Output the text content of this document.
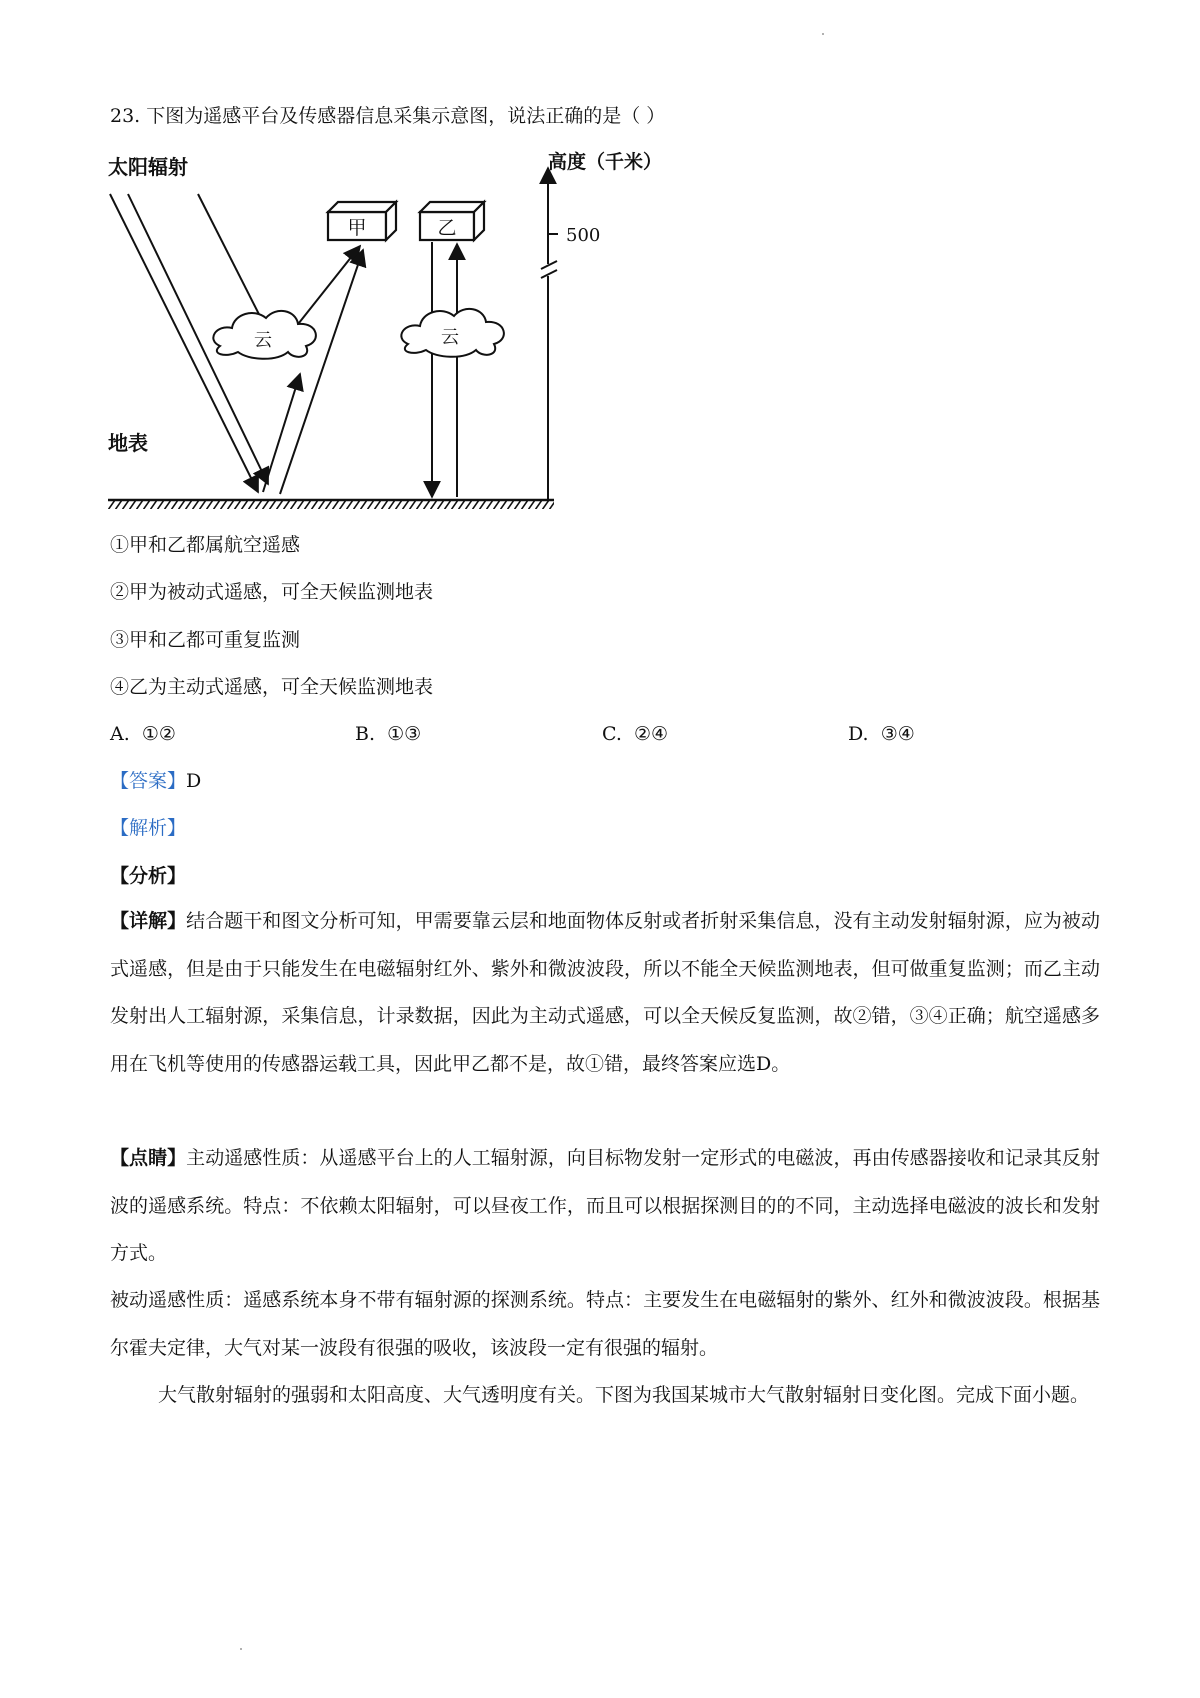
23. 下图为遥感平台及传感器信息采集示意图，说法正确的是（ ）
太阳辐射	高度（千米）
甲	乙
云	云
500
地表
①甲和乙都属航空遥感
②甲为被动式遥感，可全天候监测地表
③甲和乙都可重复监测
④乙为主动式遥感，可全天候监测地表
A. ①②	B. ①③	C. ②④	D. ③④
【答案】D
【解析】
【分析】
【详解】结合题干和图文分析可知，甲需要靠云层和地面物体反射或者折射采集信息，没有主动发射辐射源，应为被动式遥感，但是由于只能发生在电磁辐射红外、紫外和微波波段，所以不能全天候监测地表，但可做重复监测；而乙主动发射出人工辐射源，采集信息，计录数据，因此为主动式遥感，可以全天候反复监测，故②错，③④正确；航空遥感多用在飞机等使用的传感器运载工具，因此甲乙都不是，故①错，最终答案应选D。
【点睛】主动遥感性质：从遥感平台上的人工辐射源，向目标物发射一定形式的电磁波，再由传感器接收和记录其反射波的遥感系统。特点：不依赖太阳辐射，可以昼夜工作，而且可以根据探测目的的不同，主动选择电磁波的波长和发射方式。
被动遥感性质：遥感系统本身不带有辐射源的探测系统。特点：主要发生在电磁辐射的紫外、红外和微波波段。根据基尔霍夫定律，大气对某一波段有很强的吸收，该波段一定有很强的辐射。
大气散射辐射的强弱和太阳高度、大气透明度有关。下图为我国某城市大气散射辐射日变化图。完成下面小题。
